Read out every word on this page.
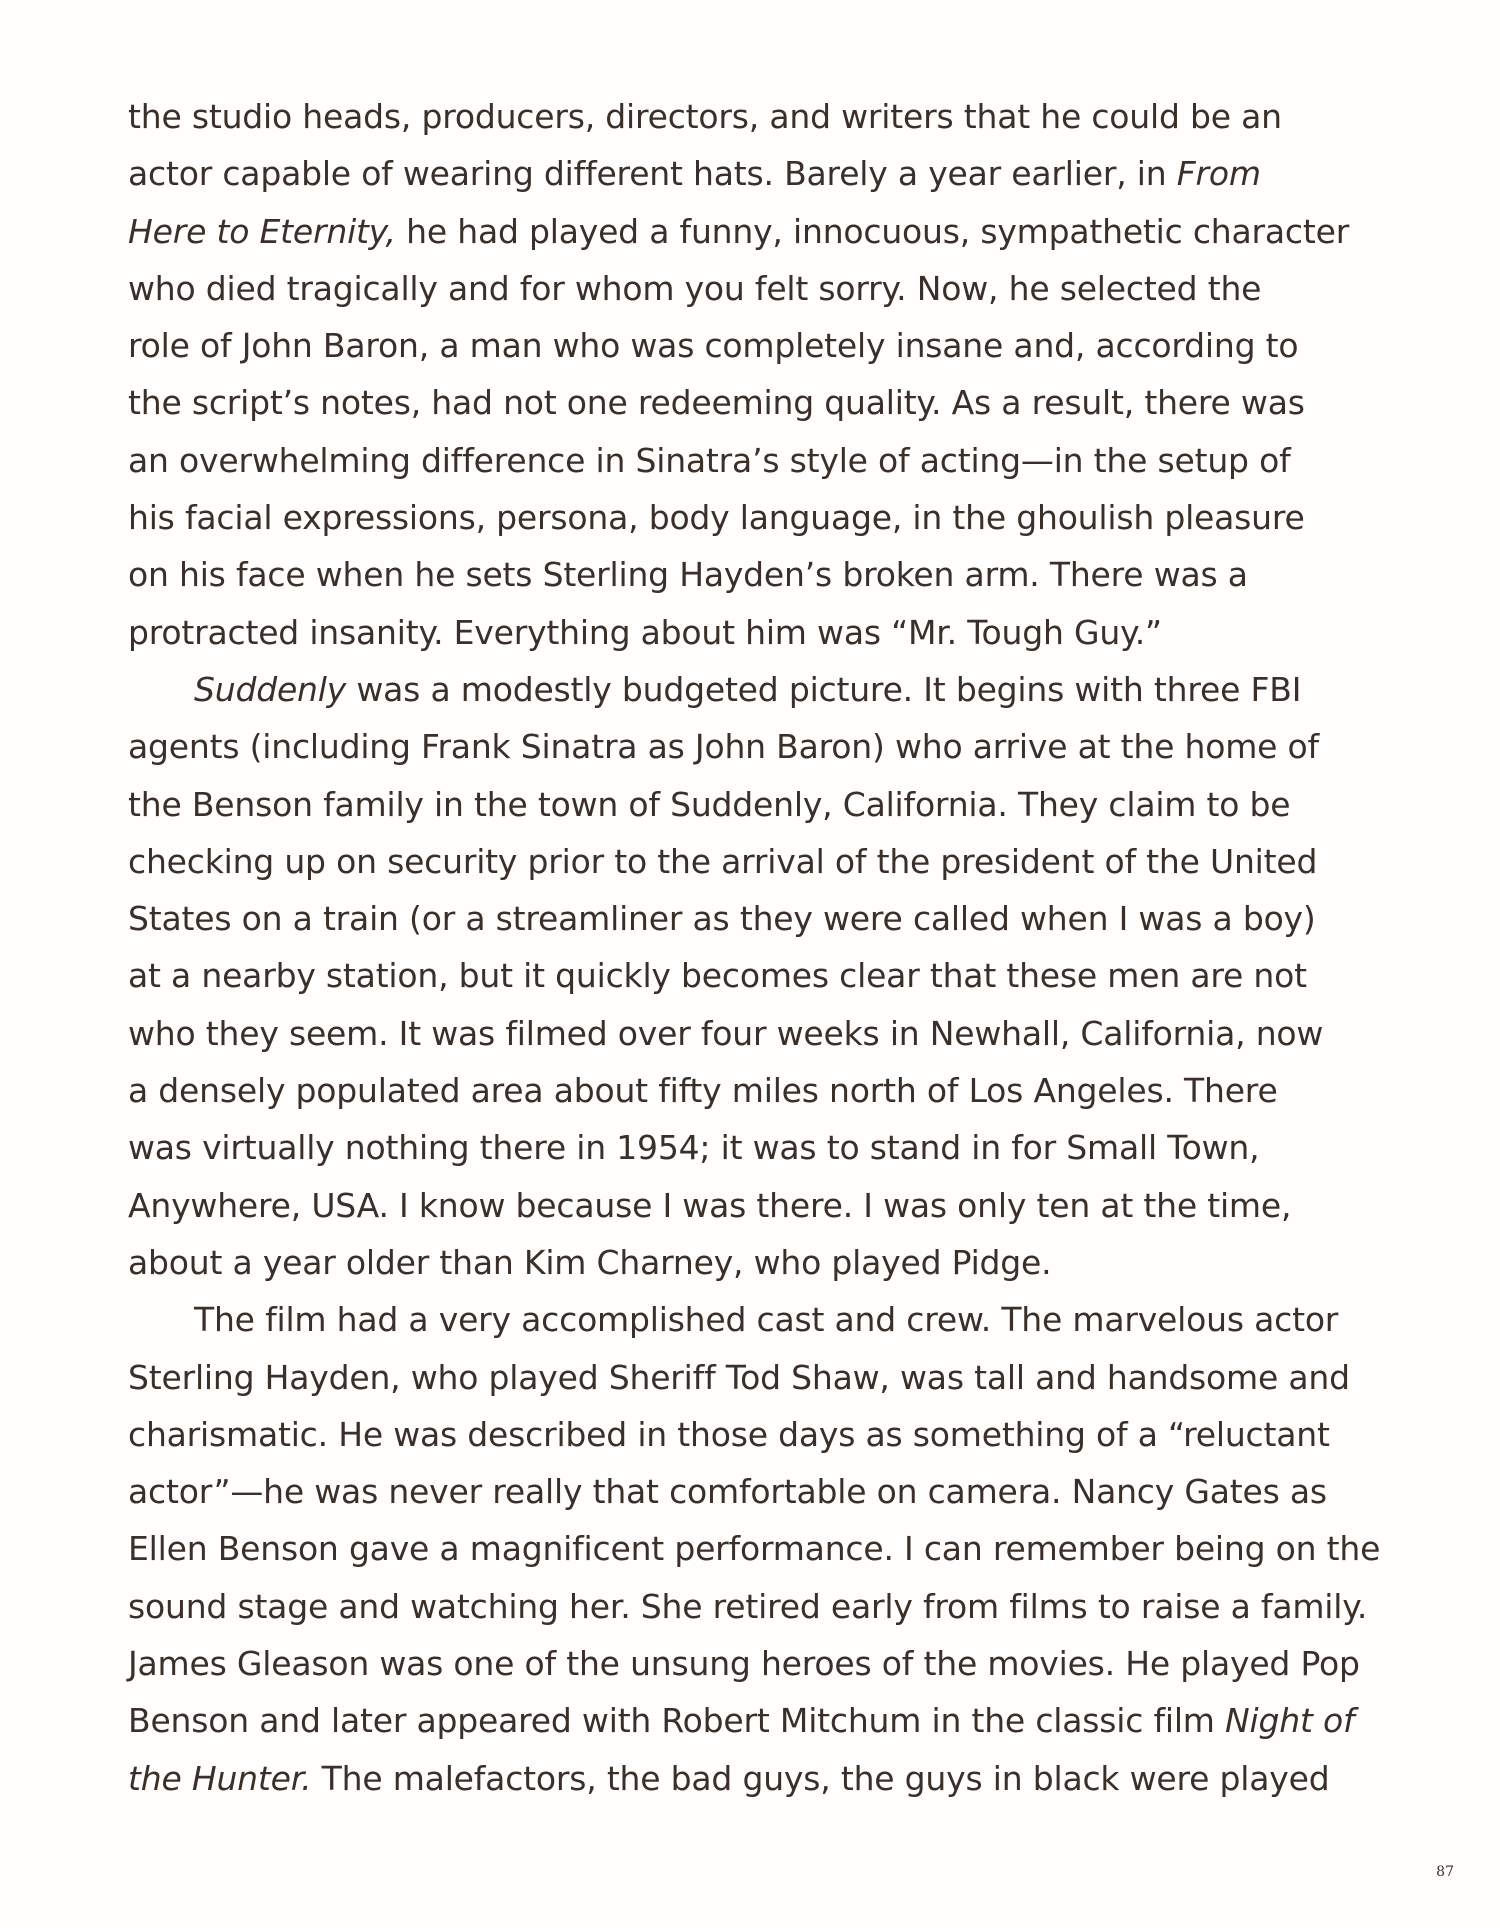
the studio heads, producers, directors, and writers that he could be an
actor capable of wearing different hats. Barely a year earlier, in From
Here to Eternity, he had played a funny, innocuous, sympathetic character
who died tragically and for whom you felt sorry. Now, he selected the
role of John Baron, a man who was completely insane and, according to
the script’s notes, had not one redeeming quality. As a result, there was
an overwhelming difference in Sinatra’s style of acting—in the setup of
his facial expressions, persona, body language, in the ghoulish pleasure
on his face when he sets Sterling Hayden’s broken arm. There was a
protracted insanity. Everything about him was “Mr. Tough Guy.”
Suddenly was a modestly budgeted picture. It begins with three FBI
agents (including Frank Sinatra as John Baron) who arrive at the home of
the Benson family in the town of Suddenly, California. They claim to be
checking up on security prior to the arrival of the president of the United
States on a train (or a streamliner as they were called when I was a boy)
at a nearby station, but it quickly becomes clear that these men are not
who they seem. It was filmed over four weeks in Newhall, California, now
a densely populated area about fifty miles north of Los Angeles. There
was virtually nothing there in 1954; it was to stand in for Small Town,
Anywhere, USA. I know because I was there. I was only ten at the time,
about a year older than Kim Charney, who played Pidge.
The film had a very accomplished cast and crew. The marvelous actor
Sterling Hayden, who played Sheriff Tod Shaw, was tall and handsome and
charismatic. He was described in those days as something of a “reluctant
actor”—he was never really that comfortable on camera. Nancy Gates as
Ellen Benson gave a magnificent performance. I can remember being on the
sound stage and watching her. She retired early from films to raise a family.
James Gleason was one of the unsung heroes of the movies. He played Pop
Benson and later appeared with Robert Mitchum in the classic film Night of
the Hunter. The malefactors, the bad guys, the guys in black were played
87
